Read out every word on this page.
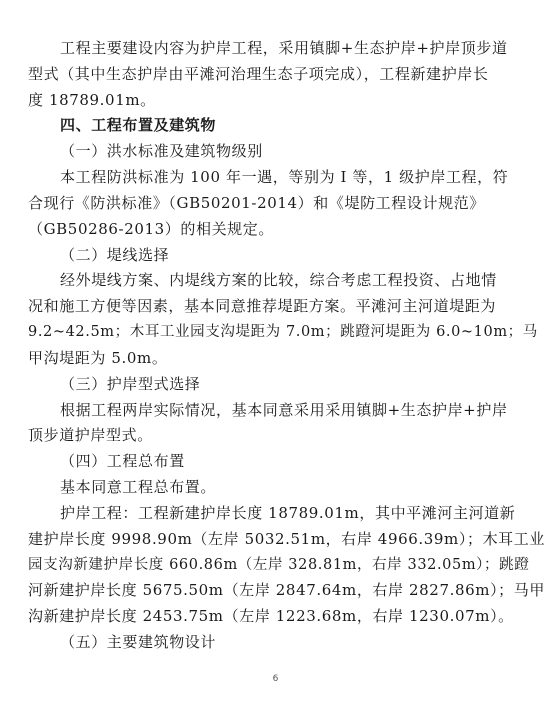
工程主要建设内容为护岸工程，采用镇脚+生态护岸+护岸顶步道
型式（其中生态护岸由平滩河治理生态子项完成），工程新建护岸长
度 18789.01m。
四、工程布置及建筑物
（一）洪水标准及建筑物级别
本工程防洪标准为 100 年一遇，等别为 Ⅰ 等，1 级护岸工程，符
合现行《防洪标准》（GB50201-2014）和《堤防工程设计规范》
（GB50286-2013）的相关规定。
（二）堤线选择
经外堤线方案、内堤线方案的比较，综合考虑工程投资、占地情
况和施工方便等因素，基本同意推荐堤距方案。平滩河主河道堤距为
9.2~42.5m；木耳工业园支沟堤距为 7.0m；跳蹬河堤距为 6.0~10m；马
甲沟堤距为 5.0m。
（三）护岸型式选择
根据工程两岸实际情况，基本同意采用采用镇脚+生态护岸+护岸
顶步道护岸型式。
（四）工程总布置
基本同意工程总布置。
护岸工程：工程新建护岸长度 18789.01m，其中平滩河主河道新
建护岸长度 9998.90m（左岸 5032.51m，右岸 4966.39m）；木耳工业
园支沟新建护岸长度 660.86m（左岸 328.81m，右岸 332.05m）；跳蹬
河新建护岸长度 5675.50m（左岸 2847.64m，右岸 2827.86m）；马甲
沟新建护岸长度 2453.75m（左岸 1223.68m，右岸 1230.07m）。
（五）主要建筑物设计
6
